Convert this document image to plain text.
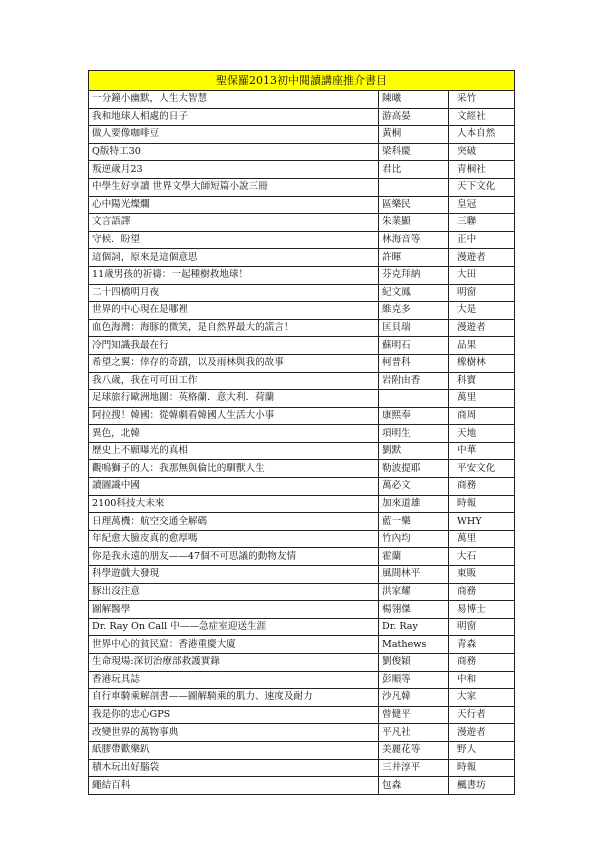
聖保羅2013初中閱讀講座推介書目		
一分鐘小幽默，人生大智慧	陳曦	采竹
我和地球人相處的日子	游高晏	文經社
做人要像咖啡豆	黃桐	人本自然
Q版特工30	梁科慶	突破
叛逆歲月23	君比	青桐社
中學生好享讀 世界文學大師短篇小說三冊		天下文化
心中陽光燦爛	區樂民	皇冠
文言語譯	朱業顯	三聯
守候．盼望	林海音等	正中
這個詞，原來是這個意思	許暉	漫遊者
11歲男孩的祈禱：一起種樹救地球！	芬克拜納	大田
二十四橋明月夜	紀文鳳	明窗
世界的中心現在是哪裡	維克多	大是
血色海灣：海豚的微笑，是自然界最大的謊言！	匡貝瑞	漫遊者
冷門知識我最在行	蘇明石	品果
希望之翼：倖存的奇蹟，以及雨林與我的故事	柯普科	橡樹林
我八歲，我在可可田工作	岩附由香	科寶
足球旅行歐洲地圖：英格蘭．意大利．荷蘭		萬里
阿拉搜！韓國：從韓劇看韓國人生活大小事	康熙奉	商周
異色，北韓	項明生	天地
歷史上不願曝光的真相	劉默	中華
觀鳴獅子的人：我那無與倫比的馴獸人生	勒波提耶	平安文化
讀圖識中國	萬必文	商務
2100科技大未來	加來道雄	時報
日理萬機：航空交通全解碼	藍一樂	WHY
年紀愈大臉皮真的愈厚嗎	竹內均	萬里
你是我永遠的朋友——47個不可思議的動物友情	霍蘭	大石
科學遊戲大發現	風間林平	東販
豚出沒注意	洪家耀	商務
圖解醫學	楊翎傑	易博士
Dr. Ray On Call 中——急症室迎送生涯	Dr. Ray	明窗
世界中心的貧民窟：香港重慶大廈	Mathews	青森
生命現場:深切治療部救護實錄	劉俊穎	商務
香港玩具誌	彭順等	中和
自行車騎乘解剖書——圖解騎乘的肌力、速度及耐力	沙凡韓	大家
我是你的忠心GPS	曾健平	天行者
改變世界的萬物事典	平凡社	漫遊者
紙膠帶歡樂趴	美麗花等	野人
積木玩出好腦袋	三井淳平	時報
繩結百科	包森	楓書坊
